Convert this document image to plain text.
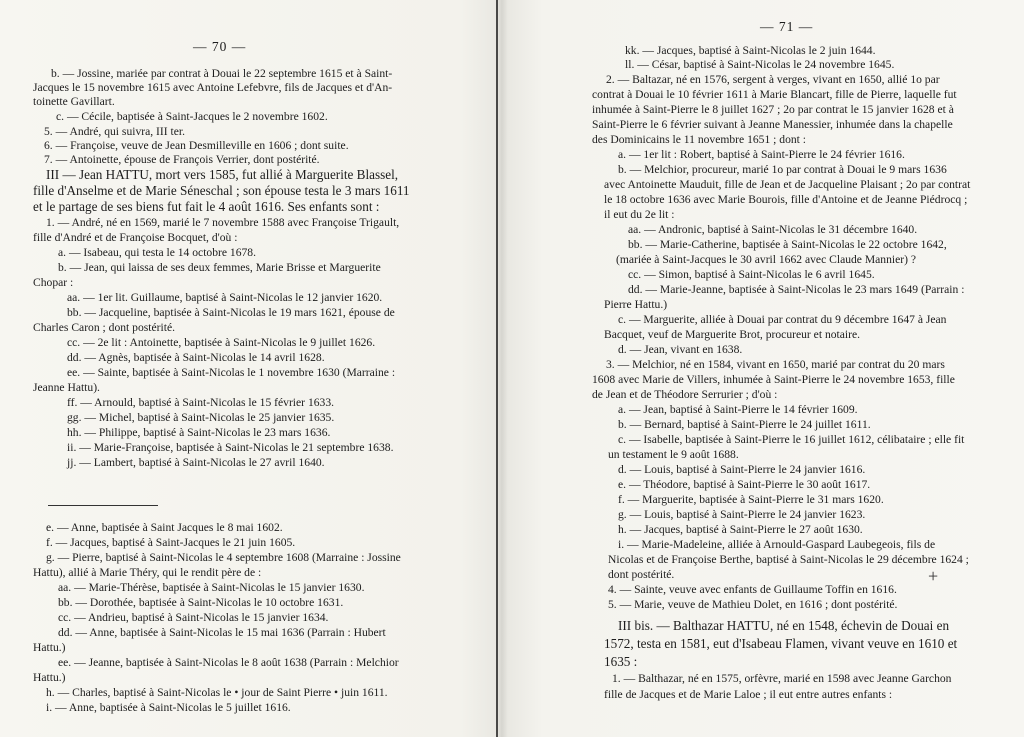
— 70 —
b. — Jossine, mariée par contrat à Douai le 22 septembre 1615 et à Saint-
Jacques le 15 novembre 1615 avec Antoine Lefebvre, fils de Jacques et d'An-
toinette Gavillart.
c. — Cécile, baptisée à Saint-Jacques le 2 novembre 1602.
5. — André, qui suivra, III ter.
6. — Françoise, veuve de Jean Desmilleville en 1606 ; dont suite.
7. — Antoinette, épouse de François Verrier, dont postérité.
III — Jean HATTU, mort vers 1585, fut allié à Marguerite Blassel,
fille d'Anselme et de Marie Séneschal ; son épouse testa le 3 mars 1611
et le partage de ses biens fut fait le 4 août 1616. Ses enfants sont :
1. — André, né en 1569, marié le 7 novembre 1588 avec Françoise Trigault,
fille d'André et de Françoise Bocquet, d'où :
a. — Isabeau, qui testa le 14 octobre 1678.
b. — Jean, qui laissa de ses deux femmes, Marie Brisse et Marguerite
Chopar :
aa. — 1er lit. Guillaume, baptisé à Saint-Nicolas le 12 janvier 1620.
bb. — Jacqueline, baptisée à Saint-Nicolas le 19 mars 1621, épouse de
Charles Caron ; dont postérité.
cc. — 2e lit : Antoinette, baptisée à Saint-Nicolas le 9 juillet 1626.
dd. — Agnès, baptisée à Saint-Nicolas le 14 avril 1628.
ee. — Sainte, baptisée à Saint-Nicolas le 1 novembre 1630 (Marraine :
Jeanne Hattu).
ff. — Arnould, baptisé à Saint-Nicolas le 15 février 1633.
gg. — Michel, baptisé à Saint-Nicolas le 25 janvier 1635.
hh. — Philippe, baptisé à Saint-Nicolas le 23 mars 1636.
ii. — Marie-Françoise, baptisée à Saint-Nicolas le 21 septembre 1638.
jj. — Lambert, baptisé à Saint-Nicolas le 27 avril 1640.
e. — Anne, baptisée à Saint Jacques le 8 mai 1602.
f. — Jacques, baptisé à Saint-Jacques le 21 juin 1605.
g. — Pierre, baptisé à Saint-Nicolas le 4 septembre 1608 (Marraine : Jossine
Hattu), allié à Marie Théry, qui le rendit père de :
aa. — Marie-Thérèse, baptisée à Saint-Nicolas le 15 janvier 1630.
bb. — Dorothée, baptisée à Saint-Nicolas le 10 octobre 1631.
cc. — Andrieu, baptisé à Saint-Nicolas le 15 janvier 1634.
dd. — Anne, baptisée à Saint-Nicolas le 15 mai 1636 (Parrain : Hubert
Hattu.)
ee. — Jeanne, baptisée à Saint-Nicolas le 8 août 1638 (Parrain : Melchior
Hattu.)
h. — Charles, baptisé à Saint-Nicolas le • jour de Saint Pierre • juin 1611.
i. — Anne, baptisée à Saint-Nicolas le 5 juillet 1616.
— 71 —
kk. — Jacques, baptisé à Saint-Nicolas le 2 juin 1644.
ll. — César, baptisé à Saint-Nicolas le 24 novembre 1645.
2. — Baltazar, né en 1576, sergent à verges, vivant en 1650, allié 1o par
contrat à Douai le 10 février 1611 à Marie Blancart, fille de Pierre, laquelle fut
inhumée à Saint-Pierre le 8 juillet 1627 ; 2o par contrat le 15 janvier 1628 et à
Saint-Pierre le 6 février suivant à Jeanne Manessier, inhumée dans la chapelle
des Dominicains le 11 novembre 1651 ; dont :
a. — 1er lit : Robert, baptisé à Saint-Pierre le 24 février 1616.
b. — Melchior, procureur, marié 1o par contrat à Douai le 9 mars 1636
avec Antoinette Mauduit, fille de Jean et de Jacqueline Plaisant ; 2o par contrat
le 18 octobre 1636 avec Marie Bourois, fille d'Antoine et de Jeanne Piédrocq ;
il eut du 2e lit :
aa. — Andronic, baptisé à Saint-Nicolas le 31 décembre 1640.
bb. — Marie-Catherine, baptisée à Saint-Nicolas le 22 octobre 1642,
(mariée à Saint-Jacques le 30 avril 1662 avec Claude Mannier) ?
cc. — Simon, baptisé à Saint-Nicolas le 6 avril 1645.
dd. — Marie-Jeanne, baptisée à Saint-Nicolas le 23 mars 1649 (Parrain :
Pierre Hattu.)
c. — Marguerite, alliée à Douai par contrat du 9 décembre 1647 à Jean
Bacquet, veuf de Marguerite Brot, procureur et notaire.
d. — Jean, vivant en 1638.
3. — Melchior, né en 1584, vivant en 1650, marié par contrat du 20 mars
1608 avec Marie de Villers, inhumée à Saint-Pierre le 24 novembre 1653, fille
de Jean et de Théodore Serrurier ; d'où :
a. — Jean, baptisé à Saint-Pierre le 14 février 1609.
b. — Bernard, baptisé à Saint-Pierre le 24 juillet 1611.
c. — Isabelle, baptisée à Saint-Pierre le 16 juillet 1612, célibataire ; elle fit
un testament le 9 août 1688.
d. — Louis, baptisé à Saint-Pierre le 24 janvier 1616.
e. — Théodore, baptisé à Saint-Pierre le 30 août 1617.
f. — Marguerite, baptisée à Saint-Pierre le 31 mars 1620.
g. — Louis, baptisé à Saint-Pierre le 24 janvier 1623.
h. — Jacques, baptisé à Saint-Pierre le 27 août 1630.
i. — Marie-Madeleine, alliée à Arnould-Gaspard Laubegeois, fils de
Nicolas et de Françoise Berthe, baptisé à Saint-Nicolas le 29 décembre 1624 ;
dont postérité.
4. — Sainte, veuve avec enfants de Guillaume Toffin en 1616.
5. — Marie, veuve de Mathieu Dolet, en 1616 ; dont postérité.
III bis. — Balthazar HATTU, né en 1548, échevin de Douai en
1572, testa en 1581, eut d'Isabeau Flamen, vivant veuve en 1610 et
1635 :
1. — Balthazar, né en 1575, orfèvre, marié en 1598 avec Jeanne Garchon
fille de Jacques et de Marie Laloe ; il eut entre autres enfants :
+
